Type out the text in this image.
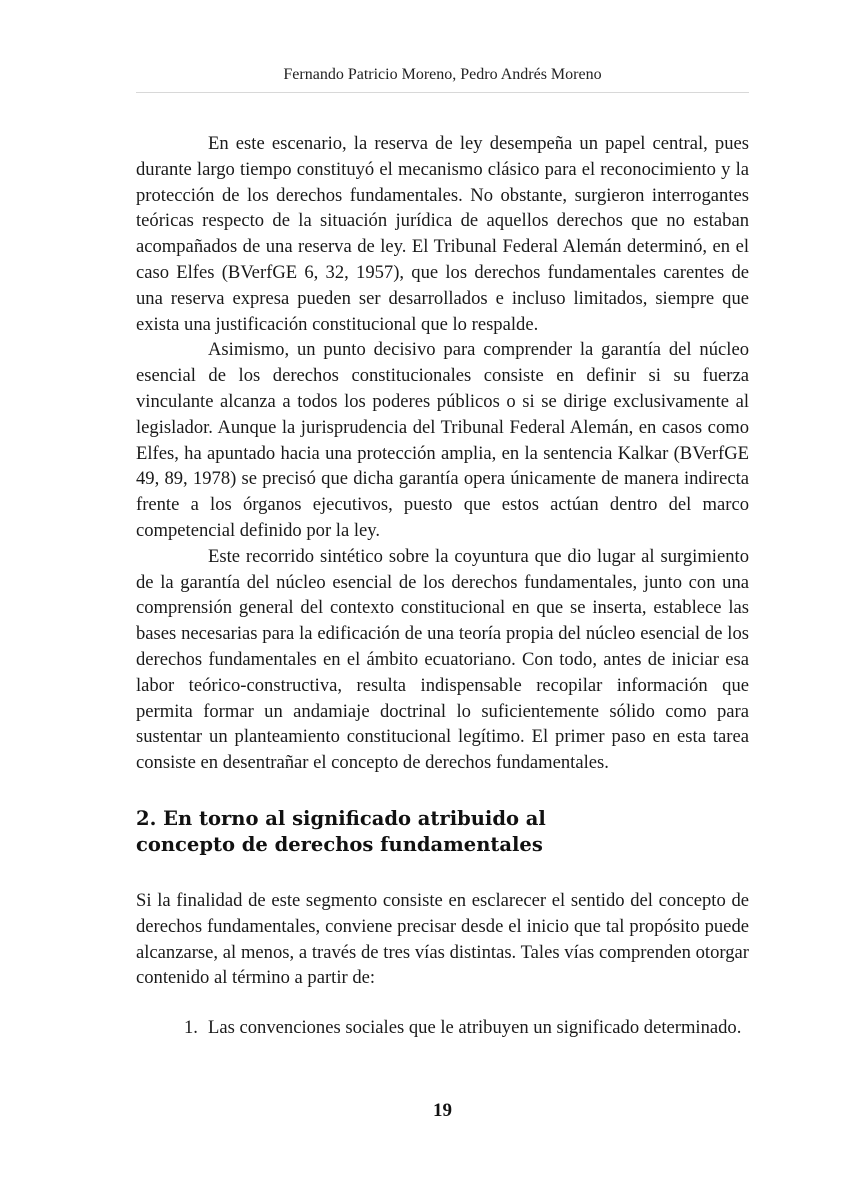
Fernando Patricio Moreno, Pedro Andrés Moreno

En este escenario, la reserva de ley desempeña un papel central, pues durante largo tiempo constituyó el mecanismo clásico para el reconocimiento y la protección de los derechos fundamentales. No obstante, surgieron interrogantes teóricas respecto de la situación jurídica de aquellos derechos que no estaban acompañados de una reserva de ley. El Tribunal Federal Alemán determinó, en el caso Elfes (BVerfGE 6, 32, 1957), que los derechos fundamentales carentes de una reserva expresa pueden ser desarrollados e incluso limitados, siempre que exista una justificación constitucional que lo respalde.

Asimismo, un punto decisivo para comprender la garantía del núcleo esencial de los derechos constitucionales consiste en definir si su fuerza vinculante alcanza a todos los poderes públicos o si se dirige exclusivamente al legislador. Aunque la jurisprudencia del Tribunal Federal Alemán, en casos como Elfes, ha apuntado hacia una protección amplia, en la sentencia Kalkar (BVerfGE 49, 89, 1978) se precisó que dicha garantía opera únicamente de manera indirecta frente a los órganos ejecutivos, puesto que estos actúan dentro del marco competencial definido por la ley.

Este recorrido sintético sobre la coyuntura que dio lugar al surgimiento de la garantía del núcleo esencial de los derechos fundamentales, junto con una comprensión general del contexto constitucional en que se inserta, establece las bases necesarias para la edificación de una teoría propia del núcleo esencial de los derechos fundamentales en el ámbito ecuatoriano. Con todo, antes de iniciar esa labor teórico-constructiva, resulta indispensable recopilar información que permita formar un andamiaje doctrinal lo suficientemente sólido como para sustentar un planteamiento constitucional legítimo. El primer paso en esta tarea consiste en desentrañar el concepto de derechos fundamentales.

2. En torno al significado atribuido al
concepto de derechos fundamentales

Si la finalidad de este segmento consiste en esclarecer el sentido del concepto de derechos fundamentales, conviene precisar desde el inicio que tal propósito puede alcanzarse, al menos, a través de tres vías distintas. Tales vías comprenden otorgar contenido al término a partir de:

1. Las convenciones sociales que le atribuyen un significado determinado.
19
